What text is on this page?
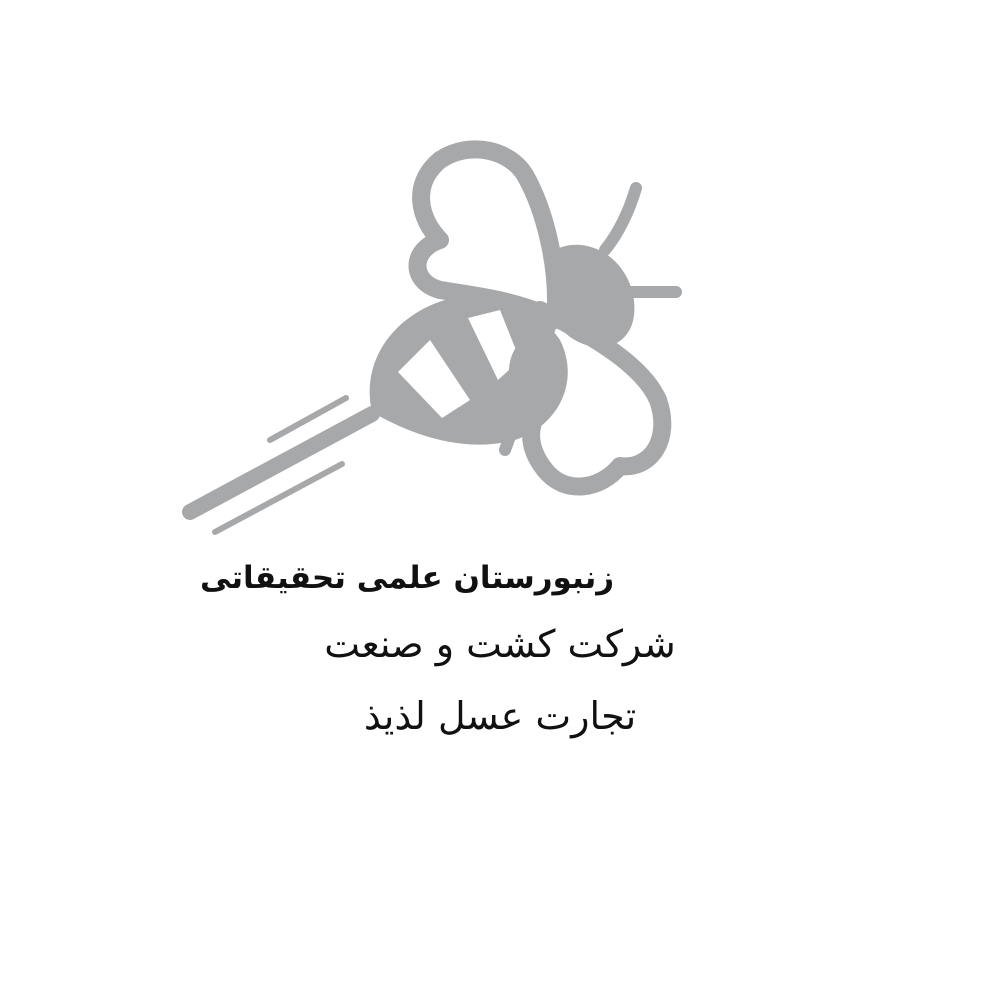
زنبورستان علمی تحقیقاتی
شرکت کشت و صنعت
تجارت عسل لذیذ
